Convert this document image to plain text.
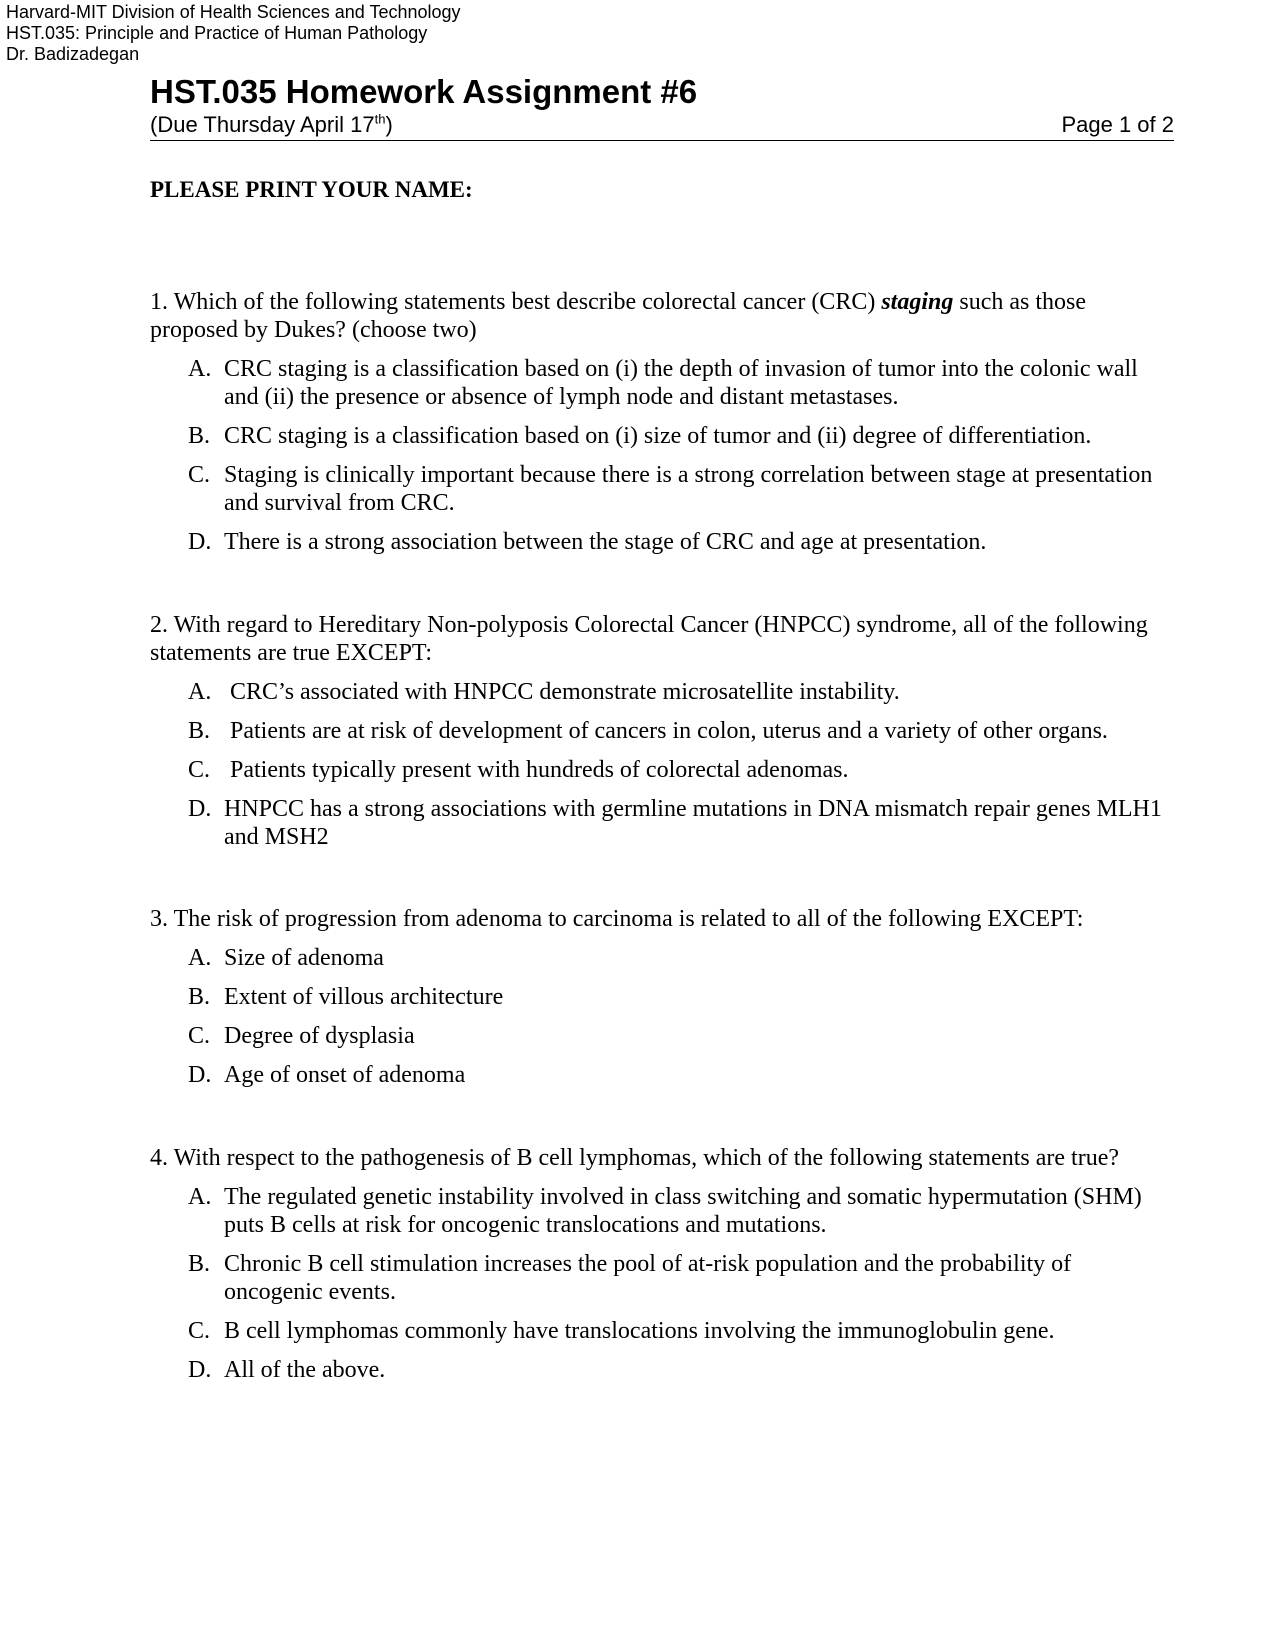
Harvard-MIT Division of Health Sciences and Technology
HST.035: Principle and Practice of Human Pathology
Dr. Badizadegan
HST.035 Homework Assignment #6
(Due Thursday April 17th)	Page 1 of 2

PLEASE PRINT YOUR NAME:

1. Which of the following statements best describe colorectal cancer (CRC) staging such as those proposed by Dukes? (choose two)

A. CRC staging is a classification based on (i) the depth of invasion of tumor into the colonic wall and (ii) the presence or absence of lymph node and distant metastases.
B. CRC staging is a classification based on (i) size of tumor and (ii) degree of differentiation.
C. Staging is clinically important because there is a strong correlation between stage at presentation and survival from CRC.
D. There is a strong association between the stage of CRC and age at presentation.

2. With regard to Hereditary Non-polyposis Colorectal Cancer (HNPCC) syndrome, all of the following statements are true EXCEPT:

A. CRC’s associated with HNPCC demonstrate microsatellite instability.
B. Patients are at risk of development of cancers in colon, uterus and a variety of other organs.
C. Patients typically present with hundreds of colorectal adenomas.
D. HNPCC has a strong associations with germline mutations in DNA mismatch repair genes MLH1 and MSH2

3. The risk of progression from adenoma to carcinoma is related to all of the following EXCEPT:

A. Size of adenoma
B. Extent of villous architecture
C. Degree of dysplasia
D. Age of onset of adenoma

4. With respect to the pathogenesis of B cell lymphomas, which of the following statements are true?

A. The regulated genetic instability involved in class switching and somatic hypermutation (SHM) puts B cells at risk for oncogenic translocations and mutations.
B. Chronic B cell stimulation increases the pool of at-risk population and the probability of oncogenic events.
C. B cell lymphomas commonly have translocations involving the immunoglobulin gene.
D. All of the above.
